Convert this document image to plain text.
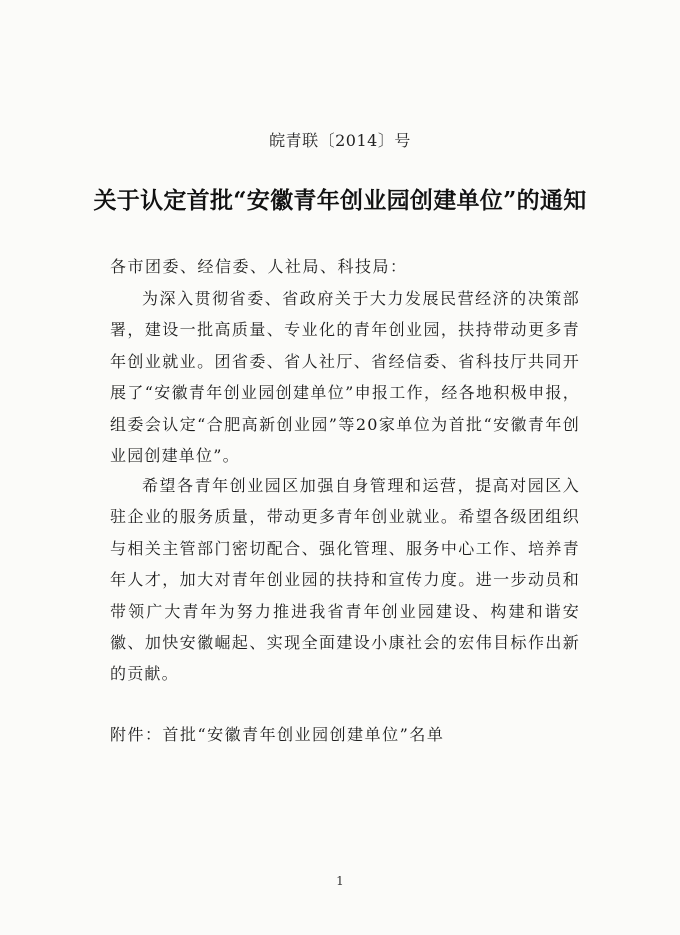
皖青联〔2014〕号
关于认定首批“安徽青年创业园创建单位”的通知
各市团委、经信委、人社局、科技局：

为深入贯彻省委、省政府关于大力发展民营经济的决策部署，建设一批高质量、专业化的青年创业园，扶持带动更多青年创业就业。团省委、省人社厅、省经信委、省科技厅共同开展了“安徽青年创业园创建单位”申报工作，经各地积极申报，组委会认定“合肥高新创业园”等20家单位为首批“安徽青年创业园创建单位”。

希望各青年创业园区加强自身管理和运营，提高对园区入驻企业的服务质量，带动更多青年创业就业。希望各级团组织与相关主管部门密切配合、强化管理、服务中心工作、培养青年人才，加大对青年创业园的扶持和宣传力度。进一步动员和带领广大青年为努力推进我省青年创业园建设、构建和谐安徽、加快安徽崛起、实现全面建设小康社会的宏伟目标作出新的贡献。

附件：首批“安徽青年创业园创建单位”名单
1
